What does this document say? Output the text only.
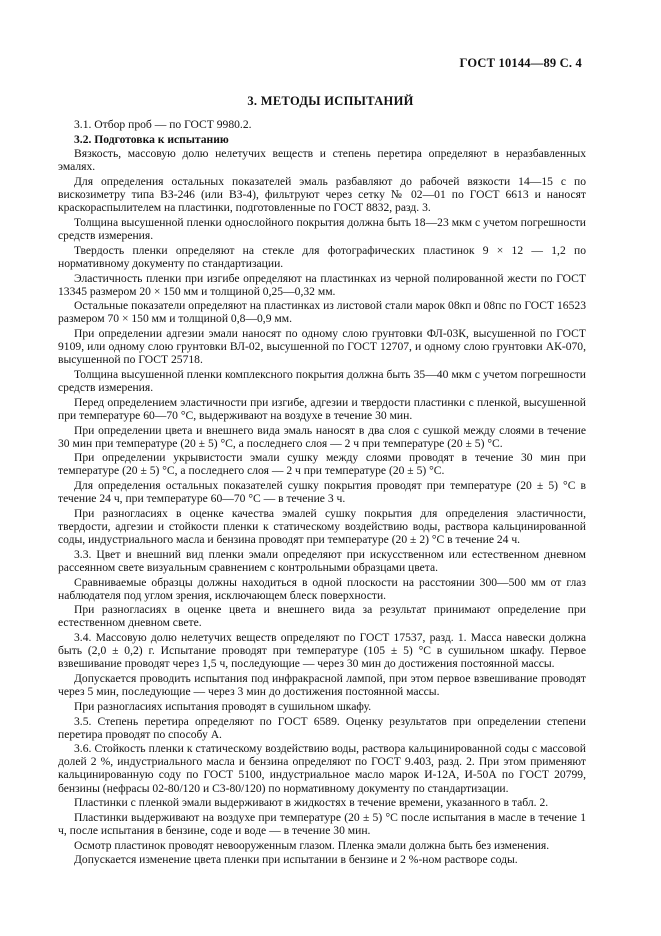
ГОСТ 10144—89 С. 4
3. МЕТОДЫ ИСПЫТАНИЙ

3.1. Отбор проб — по ГОСТ 9980.2.

3.2. Подготовка к испытанию

Вязкость, массовую долю нелетучих веществ и степень перетира определяют в неразбавленных эмалях.

Для определения остальных показателей эмаль разбавляют до рабочей вязкости 14—15 с по вискозиметру типа ВЗ-246 (или ВЗ-4), фильтруют через сетку № 02—01 по ГОСТ 6613 и наносят краскораспылителем на пластинки, подготовленные по ГОСТ 8832, разд. 3.

Толщина высушенной пленки однослойного покрытия должна быть 18—23 мкм с учетом погрешности средств измерения.

Твердость пленки определяют на стекле для фотографических пластинок 9 × 12 — 1,2 по нормативному документу по стандартизации.

Эластичность пленки при изгибе определяют на пластинках из черной полированной жести по ГОСТ 13345 размером 20 × 150 мм и толщиной 0,25—0,32 мм.

Остальные показатели определяют на пластинках из листовой стали марок 08кп и 08пс по ГОСТ 16523 размером 70 × 150 мм и толщиной 0,8—0,9 мм.

При определении адгезии эмали наносят по одному слою грунтовки ФЛ-03К, высушенной по ГОСТ 9109, или одному слою грунтовки ВЛ-02, высушенной по ГОСТ 12707, и одному слою грунтовки АК-070, высушенной по ГОСТ 25718.

Толщина высушенной пленки комплексного покрытия должна быть 35—40 мкм с учетом погрешности средств измерения.

Перед определением эластичности при изгибе, адгезии и твердости пластинки с пленкой, высушенной при температуре 60—70 °С, выдерживают на воздухе в течение 30 мин.

При определении цвета и внешнего вида эмаль наносят в два слоя с сушкой между слоями в течение 30 мин при температуре (20 ± 5) °С, а последнего слоя — 2 ч при температуре (20 ± 5) °С.

При определении укрывистости эмали сушку между слоями проводят в течение 30 мин при температуре (20 ± 5) °С, а последнего слоя — 2 ч при температуре (20 ± 5) °С.

Для определения остальных показателей сушку покрытия проводят при температуре (20 ± 5) °С в течение 24 ч, при температуре 60—70 °С — в течение 3 ч.

При разногласиях в оценке качества эмалей сушку покрытия для определения эластичности, твердости, адгезии и стойкости пленки к статическому воздействию воды, раствора кальцинированной соды, индустриального масла и бензина проводят при температуре (20 ± 2) °С в течение 24 ч.

3.3. Цвет и внешний вид пленки эмали определяют при искусственном или естественном дневном рассеянном свете визуальным сравнением с контрольными образцами цвета.

Сравниваемые образцы должны находиться в одной плоскости на расстоянии 300—500 мм от глаз наблюдателя под углом зрения, исключающем блеск поверхности.

При разногласиях в оценке цвета и внешнего вида за результат принимают определение при естественном дневном свете.

3.4. Массовую долю нелетучих веществ определяют по ГОСТ 17537, разд. 1. Масса навески должна быть (2,0 ± 0,2) г. Испытание проводят при температуре (105 ± 5) °С в сушильном шкафу. Первое взвешивание проводят через 1,5 ч, последующие — через 30 мин до достижения постоянной массы.

Допускается проводить испытания под инфракрасной лампой, при этом первое взвешивание проводят через 5 мин, последующие — через 3 мин до достижения постоянной массы.

При разногласиях испытания проводят в сушильном шкафу.

3.5. Степень перетира определяют по ГОСТ 6589. Оценку результатов при определении степени перетира проводят по способу А.

3.6. Стойкость пленки к статическому воздействию воды, раствора кальцинированной соды с массовой долей 2 %, индустриального масла и бензина определяют по ГОСТ 9.403, разд. 2. При этом применяют кальцинированную соду по ГОСТ 5100, индустриальное масло марок И-12А, И-50А по ГОСТ 20799, бензины (нефрасы 02-80/120 и С3-80/120) по нормативному документу по стандартизации.

Пластинки с пленкой эмали выдерживают в жидкостях в течение времени, указанного в табл. 2.

Пластинки выдерживают на воздухе при температуре (20 ± 5) °С после испытания в масле в течение 1 ч, после испытания в бензине, соде и воде — в течение 30 мин.

Осмотр пластинок проводят невооруженным глазом. Пленка эмали должна быть без изменения.

Допускается изменение цвета пленки при испытании в бензине и 2 %-ном растворе соды.
